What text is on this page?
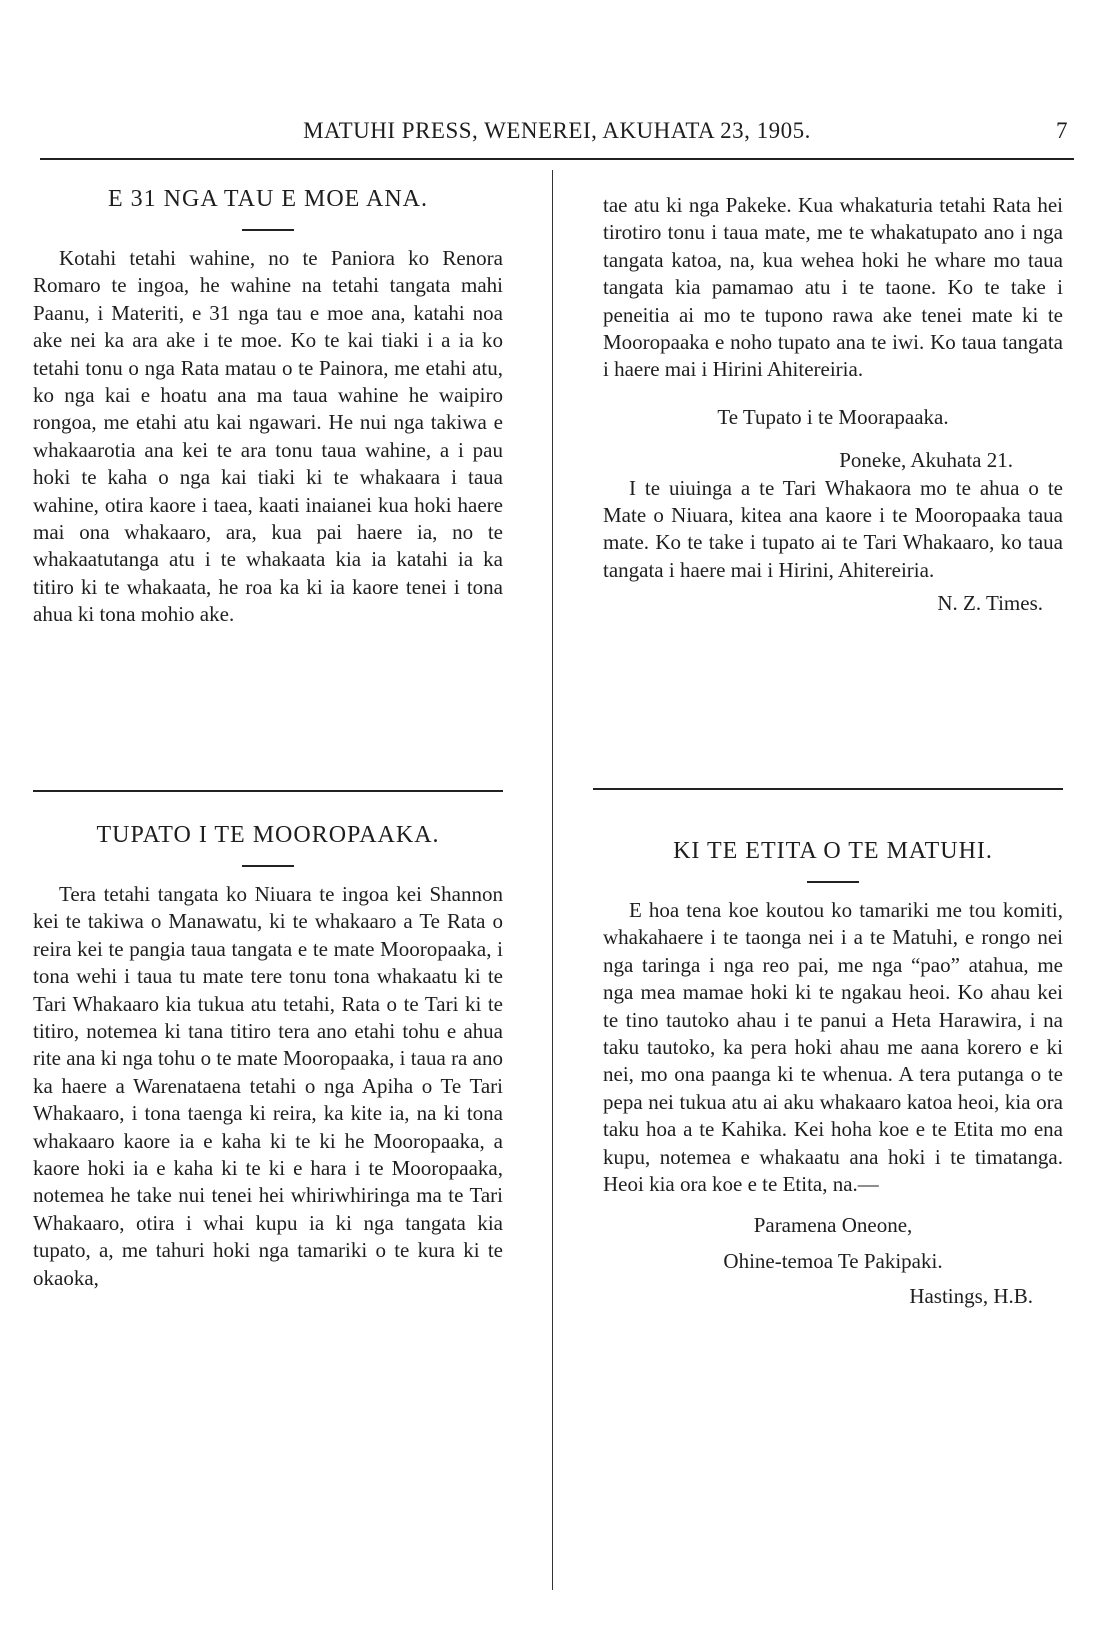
MATUHI PRESS, WENEREI, AKUHATA 23, 1905.	7
E 31 NGA TAU E MOE ANA.

Kotahi tetahi wahine, no te Paniora ko Renora Romaro te ingoa, he wahine na tetahi tangata mahi Paanu, i Materiti, e 31 nga tau e moe ana, katahi noa ake nei ka ara ake i te moe. Ko te kai tiaki i a ia ko tetahi tonu o nga Rata matau o te Painora, me etahi atu, ko nga kai e hoatu ana ma taua wahine he waipiro rongoa, me etahi atu kai ngawari. He nui nga takiwa e whakaarotia ana kei te ara tonu taua wahine, a i pau hoki te kaha o nga kai tiaki ki te whakaara i taua wahine, otira kaore i taea, kaati inaianei kua hoki haere mai ona whakaaro, ara, kua pai haere ia, no te whakaatutanga atu i te whakaata kia ia katahi ia ka titiro ki te whakaata, he roa ka ki ia kaore tenei i tona ahua ki tona mohio ake.

TUPATO I TE MOOROPAAKA.

Tera tetahi tangata ko Niuara te ingoa kei Shannon kei te takiwa o Manawatu, ki te whakaaro a Te Rata o reira kei te pangia taua tangata e te mate Mooropaaka, i tona wehi i taua tu mate tere tonu tona whakaatu ki te Tari Whakaaro kia tukua atu tetahi, Rata o te Tari ki te titiro, notemea ki tana titiro tera ano etahi tohu e ahua rite ana ki nga tohu o te mate Mooropaaka, i taua ra ano ka haere a Warenataena tetahi o nga Apiha o Te Tari Whakaaro, i tona taenga ki reira, ka kite ia, na ki tona whakaaro kaore ia e kaha ki te ki he Mooropaaka, a kaore hoki ia e kaha ki te ki e hara i te Mooropaaka, notemea he take nui tenei hei whiriwhiringa ma te Tari Whakaaro, otira i whai kupu ia ki nga tangata kia tupato, a, me tahuri hoki nga tamariki o te kura ki te okaoka,

tae atu ki nga Pakeke. Kua whakaturia tetahi Rata hei tirotiro tonu i taua mate, me te whakatupato ano i nga tangata katoa, na, kua wehea hoki he whare mo taua tangata kia pamamao atu i te taone. Ko te take i peneitia ai mo te tupono rawa ake tenei mate ki te Mooropaaka e noho tupato ana te iwi. Ko taua tangata i haere mai i Hirini Ahitereiria.

Te Tupato i te Moorapaaka.

Poneke, Akuhata 21.

I te uiuinga a te Tari Whakaora mo te ahua o te Mate o Niuara, kitea ana kaore i te Mooropaaka taua mate. Ko te take i tupato ai te Tari Whakaaro, ko taua tangata i haere mai i Hirini, Ahitereiria.

N. Z. Times.

KI TE ETITA O TE MATUHI.

E hoa tena koe koutou ko tamariki me tou komiti, whakahaere i te taonga nei i a te Matuhi, e rongo nei nga taringa i nga reo pai, me nga “pao” atahua, me nga mea mamae hoki ki te ngakau heoi. Ko ahau kei te tino tautoko ahau i te panui a Heta Harawira, i na taku tautoko, ka pera hoki ahau me aana korero e ki nei, mo ona paanga ki te whenua. A tera putanga o te pepa nei tukua atu ai aku whakaaro katoa heoi, kia ora taku hoa a te Kahika. Kei hoha koe e te Etita mo ena kupu, notemea e whakaatu ana hoki i te timatanga. Heoi kia ora koe e te Etita, na.—

Paramena Oneone,

Ohine-temoa Te Pakipaki.

Hastings, H.B.
